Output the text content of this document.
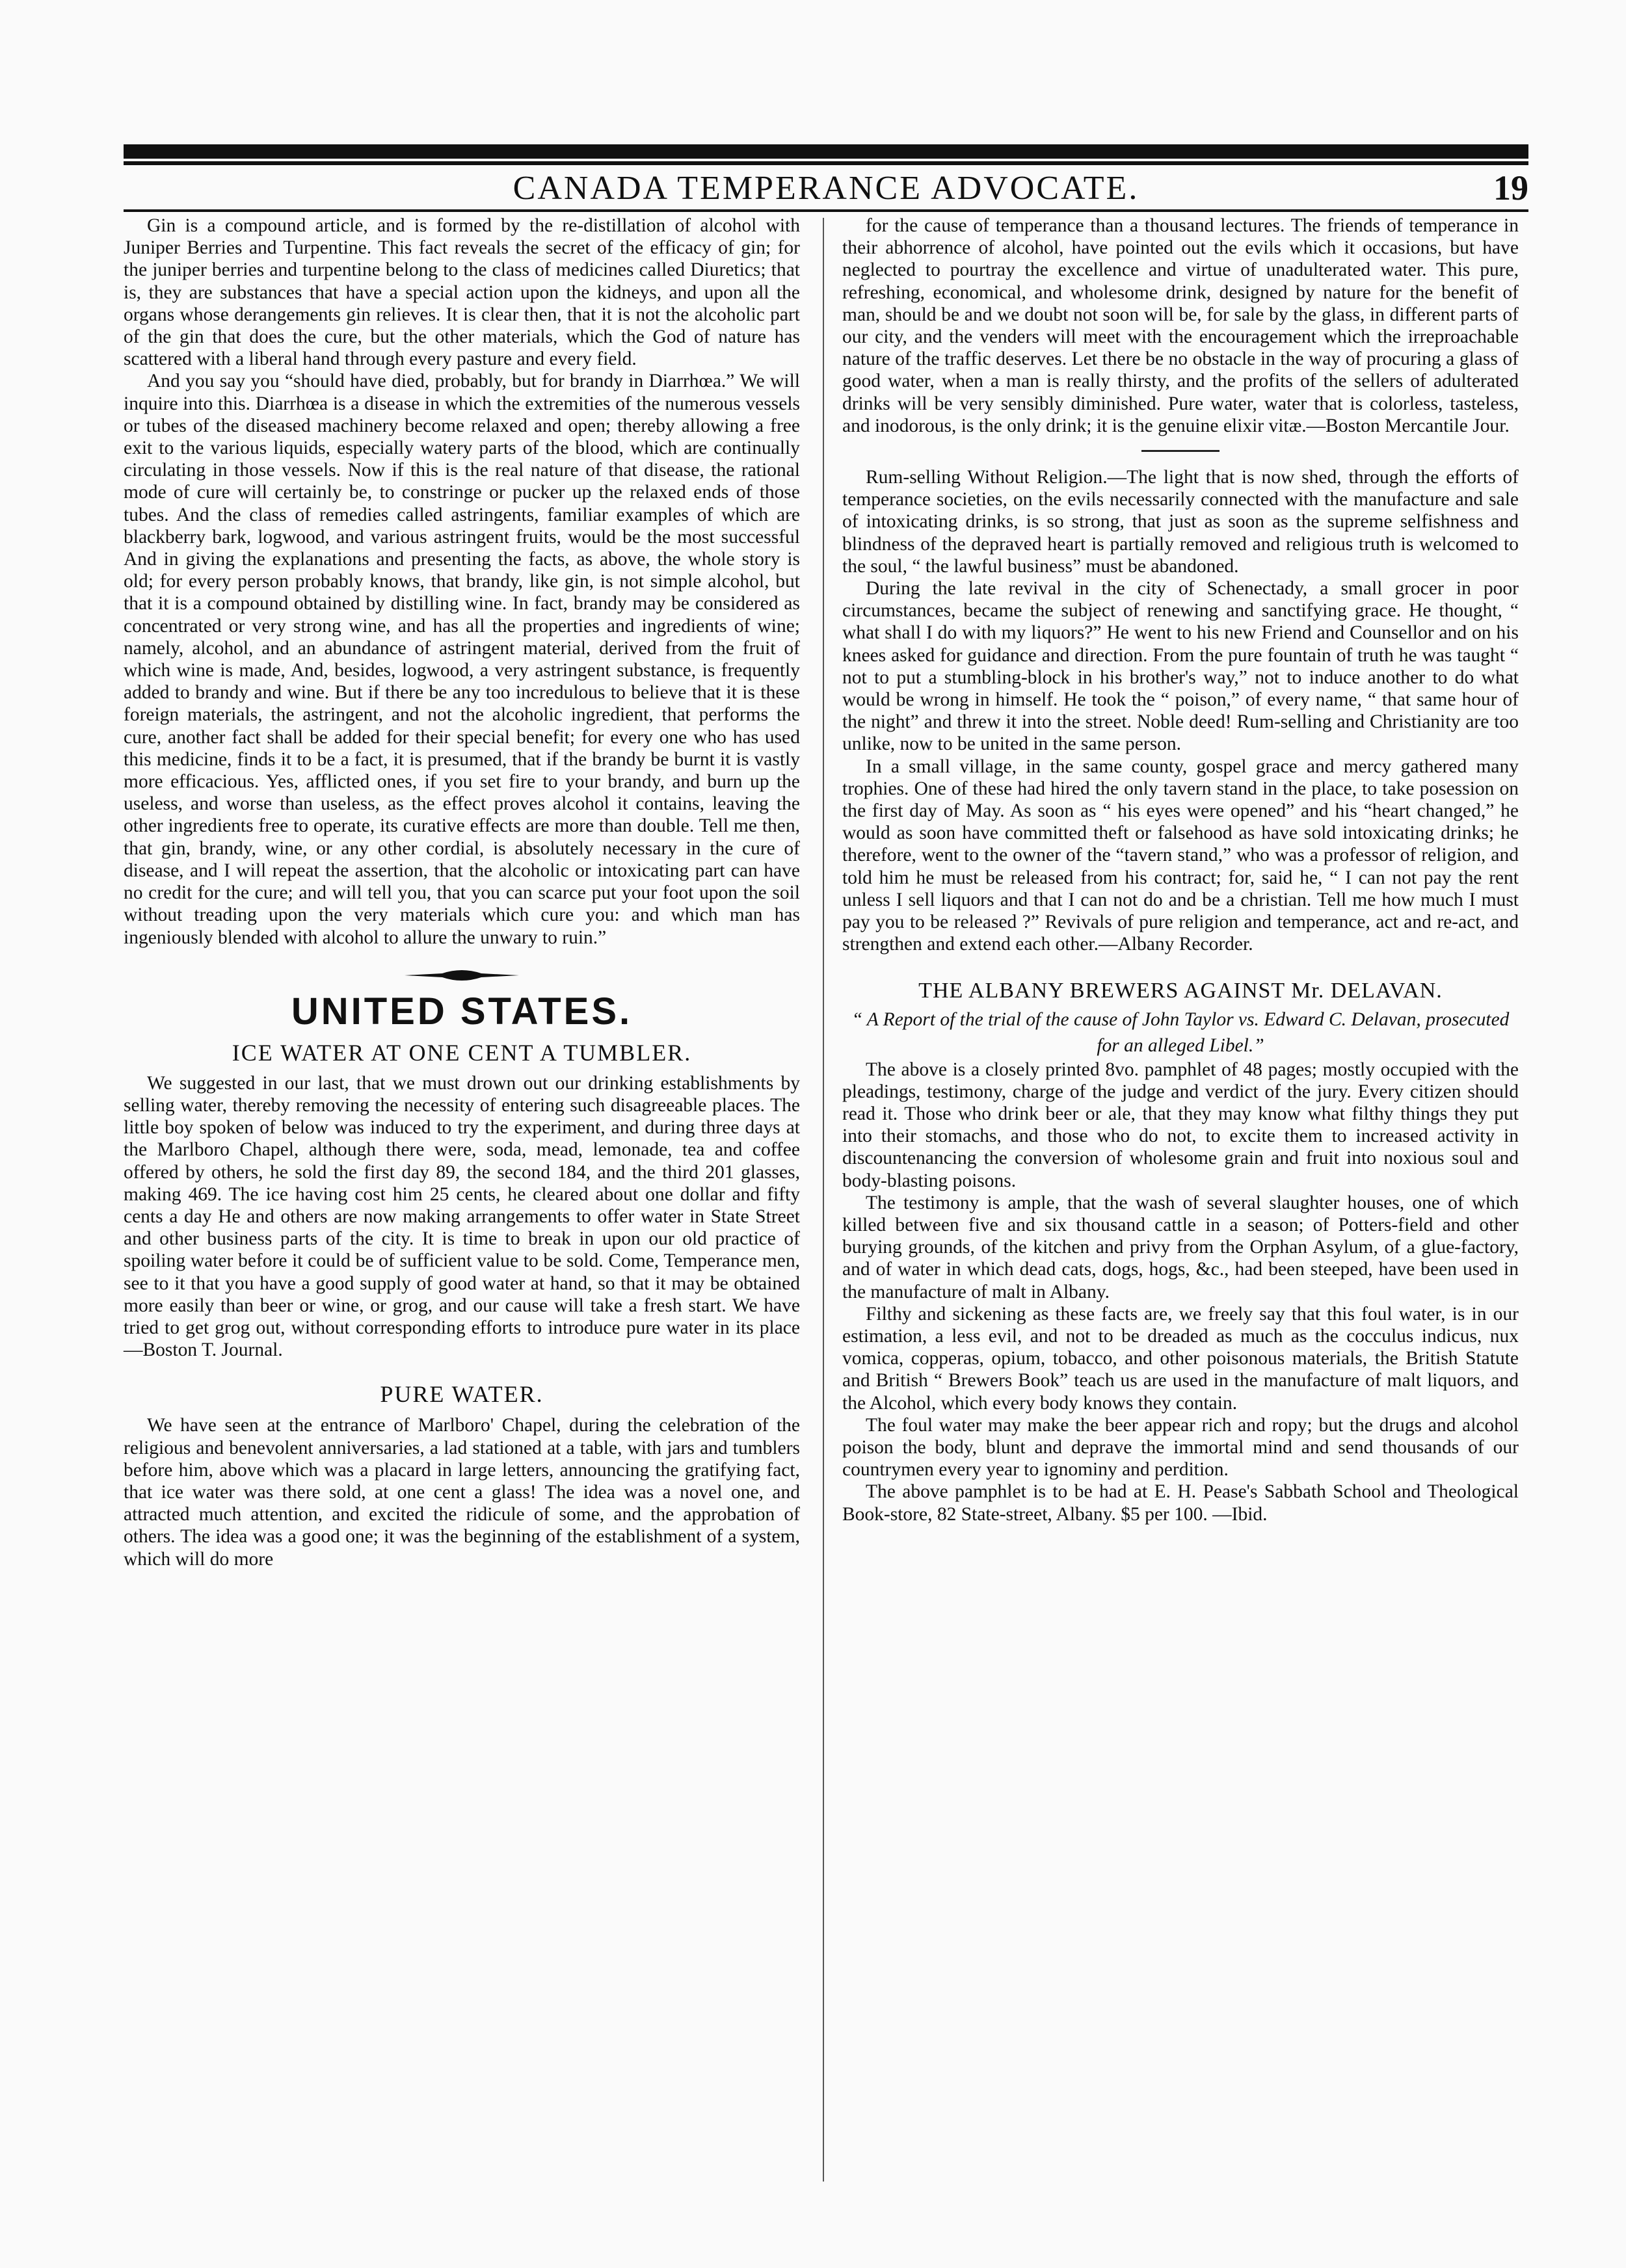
CANADA TEMPERANCE ADVOCATE.	19

Gin is a compound article, and is formed by the re-distillation of alcohol with Juniper Berries and Turpentine. This fact reveals the secret of the efficacy of gin; for the juniper berries and turpentine belong to the class of medicines called Diuretics; that is, they are substances that have a special action upon the kidneys, and upon all the organs whose derangements gin relieves. It is clear then, that it is not the alcoholic part of the gin that does the cure, but the other materials, which the God of nature has scattered with a liberal hand through every pasture and every field.

And you say you “should have died, probably, but for brandy in Diarrhœa.” We will inquire into this. Diarrhœa is a disease in which the extremities of the numerous vessels or tubes of the diseased machinery become relaxed and open; thereby allowing a free exit to the various liquids, especially watery parts of the blood, which are continually circulating in those vessels. Now if this is the real nature of that disease, the rational mode of cure will certainly be, to constringe or pucker up the relaxed ends of those tubes. And the class of remedies called astringents, familiar examples of which are blackberry bark, logwood, and various astringent fruits, would be the most successful And in giving the explanations and presenting the facts, as above, the whole story is old; for every person probably knows, that brandy, like gin, is not simple alcohol, but that it is a compound obtained by distilling wine. In fact, brandy may be considered as concentrated or very strong wine, and has all the properties and ingredients of wine; namely, alcohol, and an abundance of astringent material, derived from the fruit of which wine is made, And, besides, logwood, a very astringent substance, is frequently added to brandy and wine. But if there be any too incredulous to believe that it is these foreign materials, the astringent, and not the alcoholic ingredient, that performs the cure, another fact shall be added for their special benefit; for every one who has used this medicine, finds it to be a fact, it is presumed, that if the brandy be burnt it is vastly more efficacious. Yes, afflicted ones, if you set fire to your brandy, and burn up the useless, and worse than useless, as the effect proves alcohol it contains, leaving the other ingredients free to operate, its curative effects are more than double. Tell me then, that gin, brandy, wine, or any other cordial, is absolutely necessary in the cure of disease, and I will repeat the assertion, that the alcoholic or intoxicating part can have no credit for the cure; and will tell you, that you can scarce put your foot upon the soil without treading upon the very materials which cure you: and which man has ingeniously blended with alcohol to allure the unwary to ruin.”

UNITED STATES.
ICE WATER AT ONE CENT A TUMBLER.

We suggested in our last, that we must drown out our drinking establishments by selling water, thereby removing the necessity of entering such disagreeable places. The little boy spoken of below was induced to try the experiment, and during three days at the Marlboro Chapel, although there were, soda, mead, lemonade, tea and coffee offered by others, he sold the first day 89, the second 184, and the third 201 glasses, making 469. The ice having cost him 25 cents, he cleared about one dollar and fifty cents a day He and others are now making arrangements to offer water in State Street and other business parts of the city. It is time to break in upon our old practice of spoiling water before it could be of sufficient value to be sold. Come, Temperance men, see to it that you have a good supply of good water at hand, so that it may be obtained more easily than beer or wine, or grog, and our cause will take a fresh start. We have tried to get grog out, without corresponding efforts to introduce pure water in its place —Boston T. Journal.

PURE WATER.

We have seen at the entrance of Marlboro' Chapel, during the celebration of the religious and benevolent anniversaries, a lad stationed at a table, with jars and tumblers before him, above which was a placard in large letters, announcing the gratifying fact, that ice water was there sold, at one cent a glass! The idea was a novel one, and attracted much attention, and excited the ridicule of some, and the approbation of others. The idea was a good one; it was the beginning of the establishment of a system, which will do more

for the cause of temperance than a thousand lectures. The friends of temperance in their abhorrence of alcohol, have pointed out the evils which it occasions, but have neglected to pourtray the excellence and virtue of unadulterated water. This pure, refreshing, economical, and wholesome drink, designed by nature for the benefit of man, should be and we doubt not soon will be, for sale by the glass, in different parts of our city, and the venders will meet with the encouragement which the irreproachable nature of the traffic deserves. Let there be no obstacle in the way of procuring a glass of good water, when a man is really thirsty, and the profits of the sellers of adulterated drinks will be very sensibly diminished. Pure water, water that is colorless, tasteless, and inodorous, is the only drink; it is the genuine elixir vitæ.—Boston Mercantile Jour.

Rum-selling Without Religion.—The light that is now shed, through the efforts of temperance societies, on the evils necessarily connected with the manufacture and sale of intoxicating drinks, is so strong, that just as soon as the supreme selfishness and blindness of the depraved heart is partially removed and religious truth is welcomed to the soul, “ the lawful business” must be abandoned.

During the late revival in the city of Schenectady, a small grocer in poor circumstances, became the subject of renewing and sanctifying grace. He thought, “ what shall I do with my liquors?” He went to his new Friend and Counsellor and on his knees asked for guidance and direction. From the pure fountain of truth he was taught “ not to put a stumbling-block in his brother's way,” not to induce another to do what would be wrong in himself. He took the “ poison,” of every name, “ that same hour of the night” and threw it into the street. Noble deed! Rum-selling and Christianity are too unlike, now to be united in the same person.

In a small village, in the same county, gospel grace and mercy gathered many trophies. One of these had hired the only tavern stand in the place, to take posession on the first day of May. As soon as “ his eyes were opened” and his “heart changed,” he would as soon have committed theft or falsehood as have sold intoxicating drinks; he therefore, went to the owner of the “tavern stand,” who was a professor of religion, and told him he must be released from his contract; for, said he, “ I can not pay the rent unless I sell liquors and that I can not do and be a christian. Tell me how much I must pay you to be released ?” Revivals of pure religion and temperance, act and re-act, and strengthen and extend each other.—Albany Recorder.

THE ALBANY BREWERS AGAINST Mr. DELAVAN.
“ A Report of the trial of the cause of John Taylor vs. Edward C. Delavan, prosecuted for an alleged Libel.”

The above is a closely printed 8vo. pamphlet of 48 pages; mostly occupied with the pleadings, testimony, charge of the judge and verdict of the jury. Every citizen should read it. Those who drink beer or ale, that they may know what filthy things they put into their stomachs, and those who do not, to excite them to increased activity in discountenancing the conversion of wholesome grain and fruit into noxious soul and body-blasting poisons.

The testimony is ample, that the wash of several slaughter houses, one of which killed between five and six thousand cattle in a season; of Potters-field and other burying grounds, of the kitchen and privy from the Orphan Asylum, of a glue-factory, and of water in which dead cats, dogs, hogs, &c., had been steeped, have been used in the manufacture of malt in Albany.

Filthy and sickening as these facts are, we freely say that this foul water, is in our estimation, a less evil, and not to be dreaded as much as the cocculus indicus, nux vomica, copperas, opium, tobacco, and other poisonous materials, the British Statute and British “ Brewers Book” teach us are used in the manufacture of malt liquors, and the Alcohol, which every body knows they contain.

The foul water may make the beer appear rich and ropy; but the drugs and alcohol poison the body, blunt and deprave the immortal mind and send thousands of our countrymen every year to ignominy and perdition.

The above pamphlet is to be had at E. H. Pease's Sabbath School and Theological Book-store, 82 State-street, Albany. $5 per 100. —Ibid.
